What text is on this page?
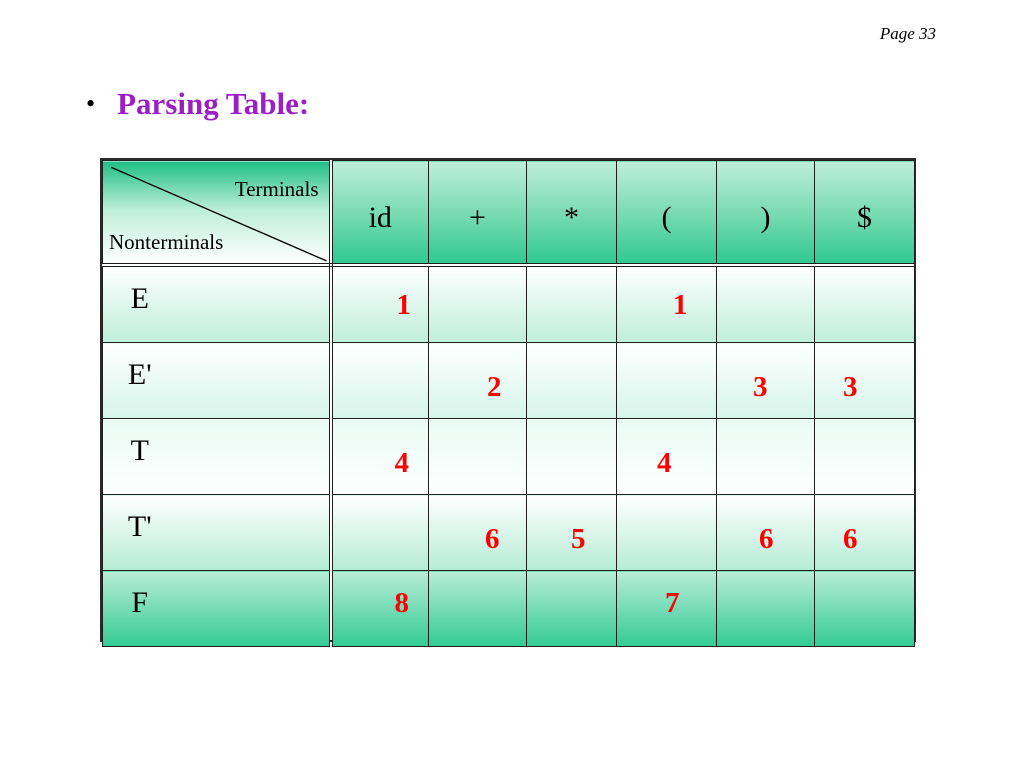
Page 33
• Parsing Table:
Terminals
Nonterminals	id	+	*	(	)	$
E	1			1		

E'		2			3	3

T	4			4		

T'		6	5		6	6

F	8			7		
